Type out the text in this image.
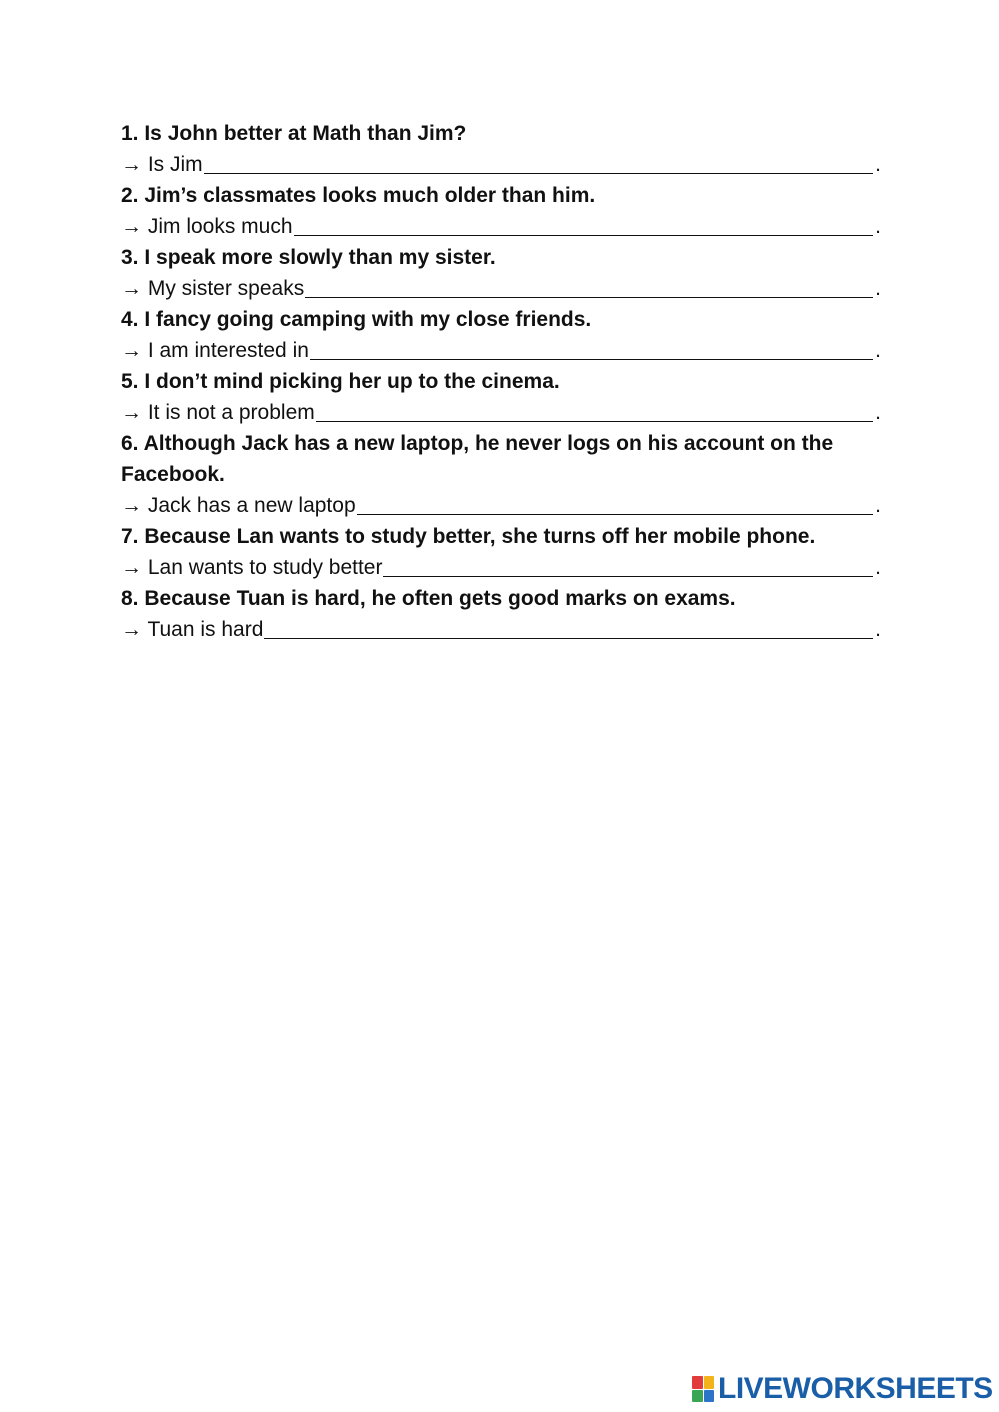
1. Is John better at Math than Jim?

→ Is Jim	.

2. Jim’s classmates looks much older than him.

→ Jim looks much	.

3. I speak more slowly than my sister.

→ My sister speaks	.

4. I fancy going camping with my close friends.

→ I am interested in	.

5. I don’t mind picking her up to the cinema.

→ It is not a problem	.

6. Although Jack has a new laptop, he never logs on his account on the Facebook.

→ Jack has a new laptop	.

7. Because Lan wants to study better, she turns off her mobile phone.

→ Lan wants to study better	.

8. Because Tuan is hard, he often gets good marks on exams.

→ Tuan is hard	.

LIVEWORKSHEETS
